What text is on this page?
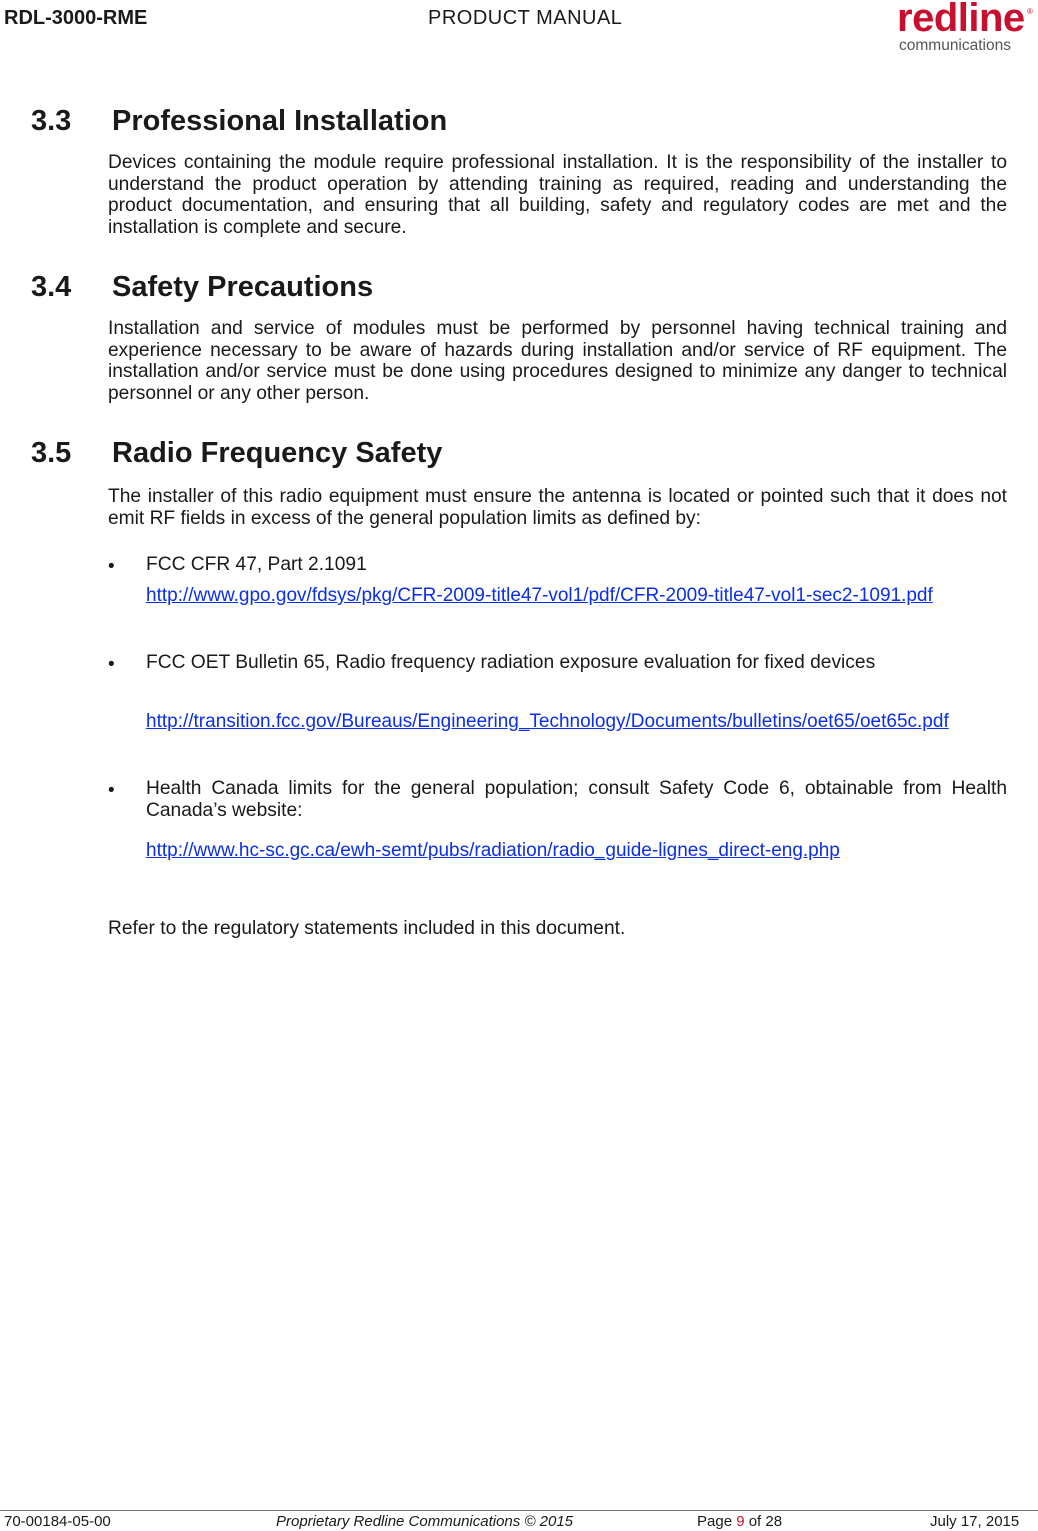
RDL-3000-RME	PRODUCT MANUAL	redline ®
communications
3.3 Professional Installation

Devices containing the module require professional installation. It is the responsibility of the installer to understand the product operation by attending training as required, reading and understanding the product documentation, and ensuring that all building, safety and regulatory codes are met and the installation is complete and secure.

3.4 Safety Precautions

Installation and service of modules must be performed by personnel having technical training and experience necessary to be aware of hazards during installation and/or service of RF equipment. The installation and/or service must be done using procedures designed to minimize any danger to technical personnel or any other person.

3.5 Radio Frequency Safety

The installer of this radio equipment must ensure the antenna is located or pointed such that it does not emit RF fields in excess of the general population limits as defined by:

• FCC CFR 47, Part 2.1091

http://www.gpo.gov/fdsys/pkg/CFR-2009-title47-vol1/pdf/CFR-2009-title47-vol1-sec2-1091.pdf
• FCC OET Bulletin 65, Radio frequency radiation exposure evaluation for fixed devices

http://transition.fcc.gov/Bureaus/Engineering_Technology/Documents/bulletins/oet65/oet65c.pdf
• Health Canada limits for the general population; consult Safety Code 6, obtainable from Health Canada’s website:

http://www.hc-sc.gc.ca/ewh-semt/pubs/radiation/radio_guide-lignes_direct-eng.php

Refer to the regulatory statements included in this document.

70-00184-05-00	Proprietary Redline Communications © 2015	Page 9 of 28	July 17, 2015
